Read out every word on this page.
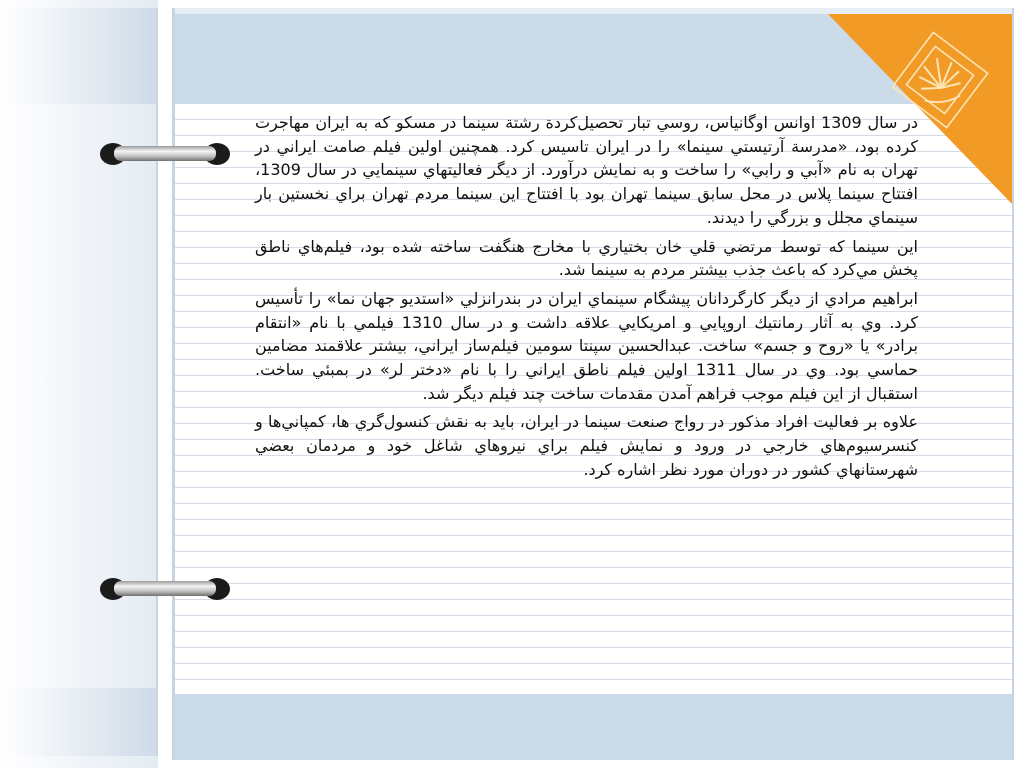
در سال 1309 اوانس اوگانياس، روسي تبار تحصيل‌كردة رشتة سينما در مسكو كه به ايران مهاجرت كرده بود، «مدرسة آرتيستي سينما» را در ايران تاسيس كرد. همچنين اولين فيلم صامت ايراني در تهران به نام «آبي و رابي» را ساخت و به نمايش درآورد. از ديگر فعاليتهاي سينمايي در سال 1309، افتتاح سينما پلاس در محل سابق سينما تهران بود با افتتاح اين سينما مردم تهران براي نخستين بار سينماي مجلل و بزرگي را ديدند.

اين سينما كه توسط مرتضي قلي خان بختياري با مخارج هنگفت ساخته شده بود، فيلم‌هاي ناطق پخش مي‌كرد كه باعث جذب بيشتر مردم به سينما شد.

ابراهيم مرادي از ديگر كارگردانان پيشگام سينماي ايران در بندرانزلي «استديو جهان نما» را تأسيس كرد. وي به آثار رمانتيك اروپايي و امريكايي علاقه داشت و در سال 1310 فيلمي با نام «انتقام برادر» يا «روح و جسم» ساخت. عبدالحسين سپنتا سومين فيلم‌ساز ايراني، بيشتر علاقمند مضامين حماسي بود. وي در سال 1311 اولين فيلم ناطق ايراني را با نام «دختر لر» در بمبئي ساخت. استقبال از اين فيلم موجب فراهم آمدن مقدمات ساخت چند فيلم ديگر شد.

علاوه بر فعاليت افراد مذكور در رواج صنعت سينما در ايران، بايد به نقش كنسول‌گري ها، كمپاني‌ها و كنسرسيوم‌هاي خارجي در ورود و نمايش فيلم براي نيروهاي شاغل خود و مردمان بعضي شهرستانهاي كشور در دوران مورد نظر اشاره كرد.
